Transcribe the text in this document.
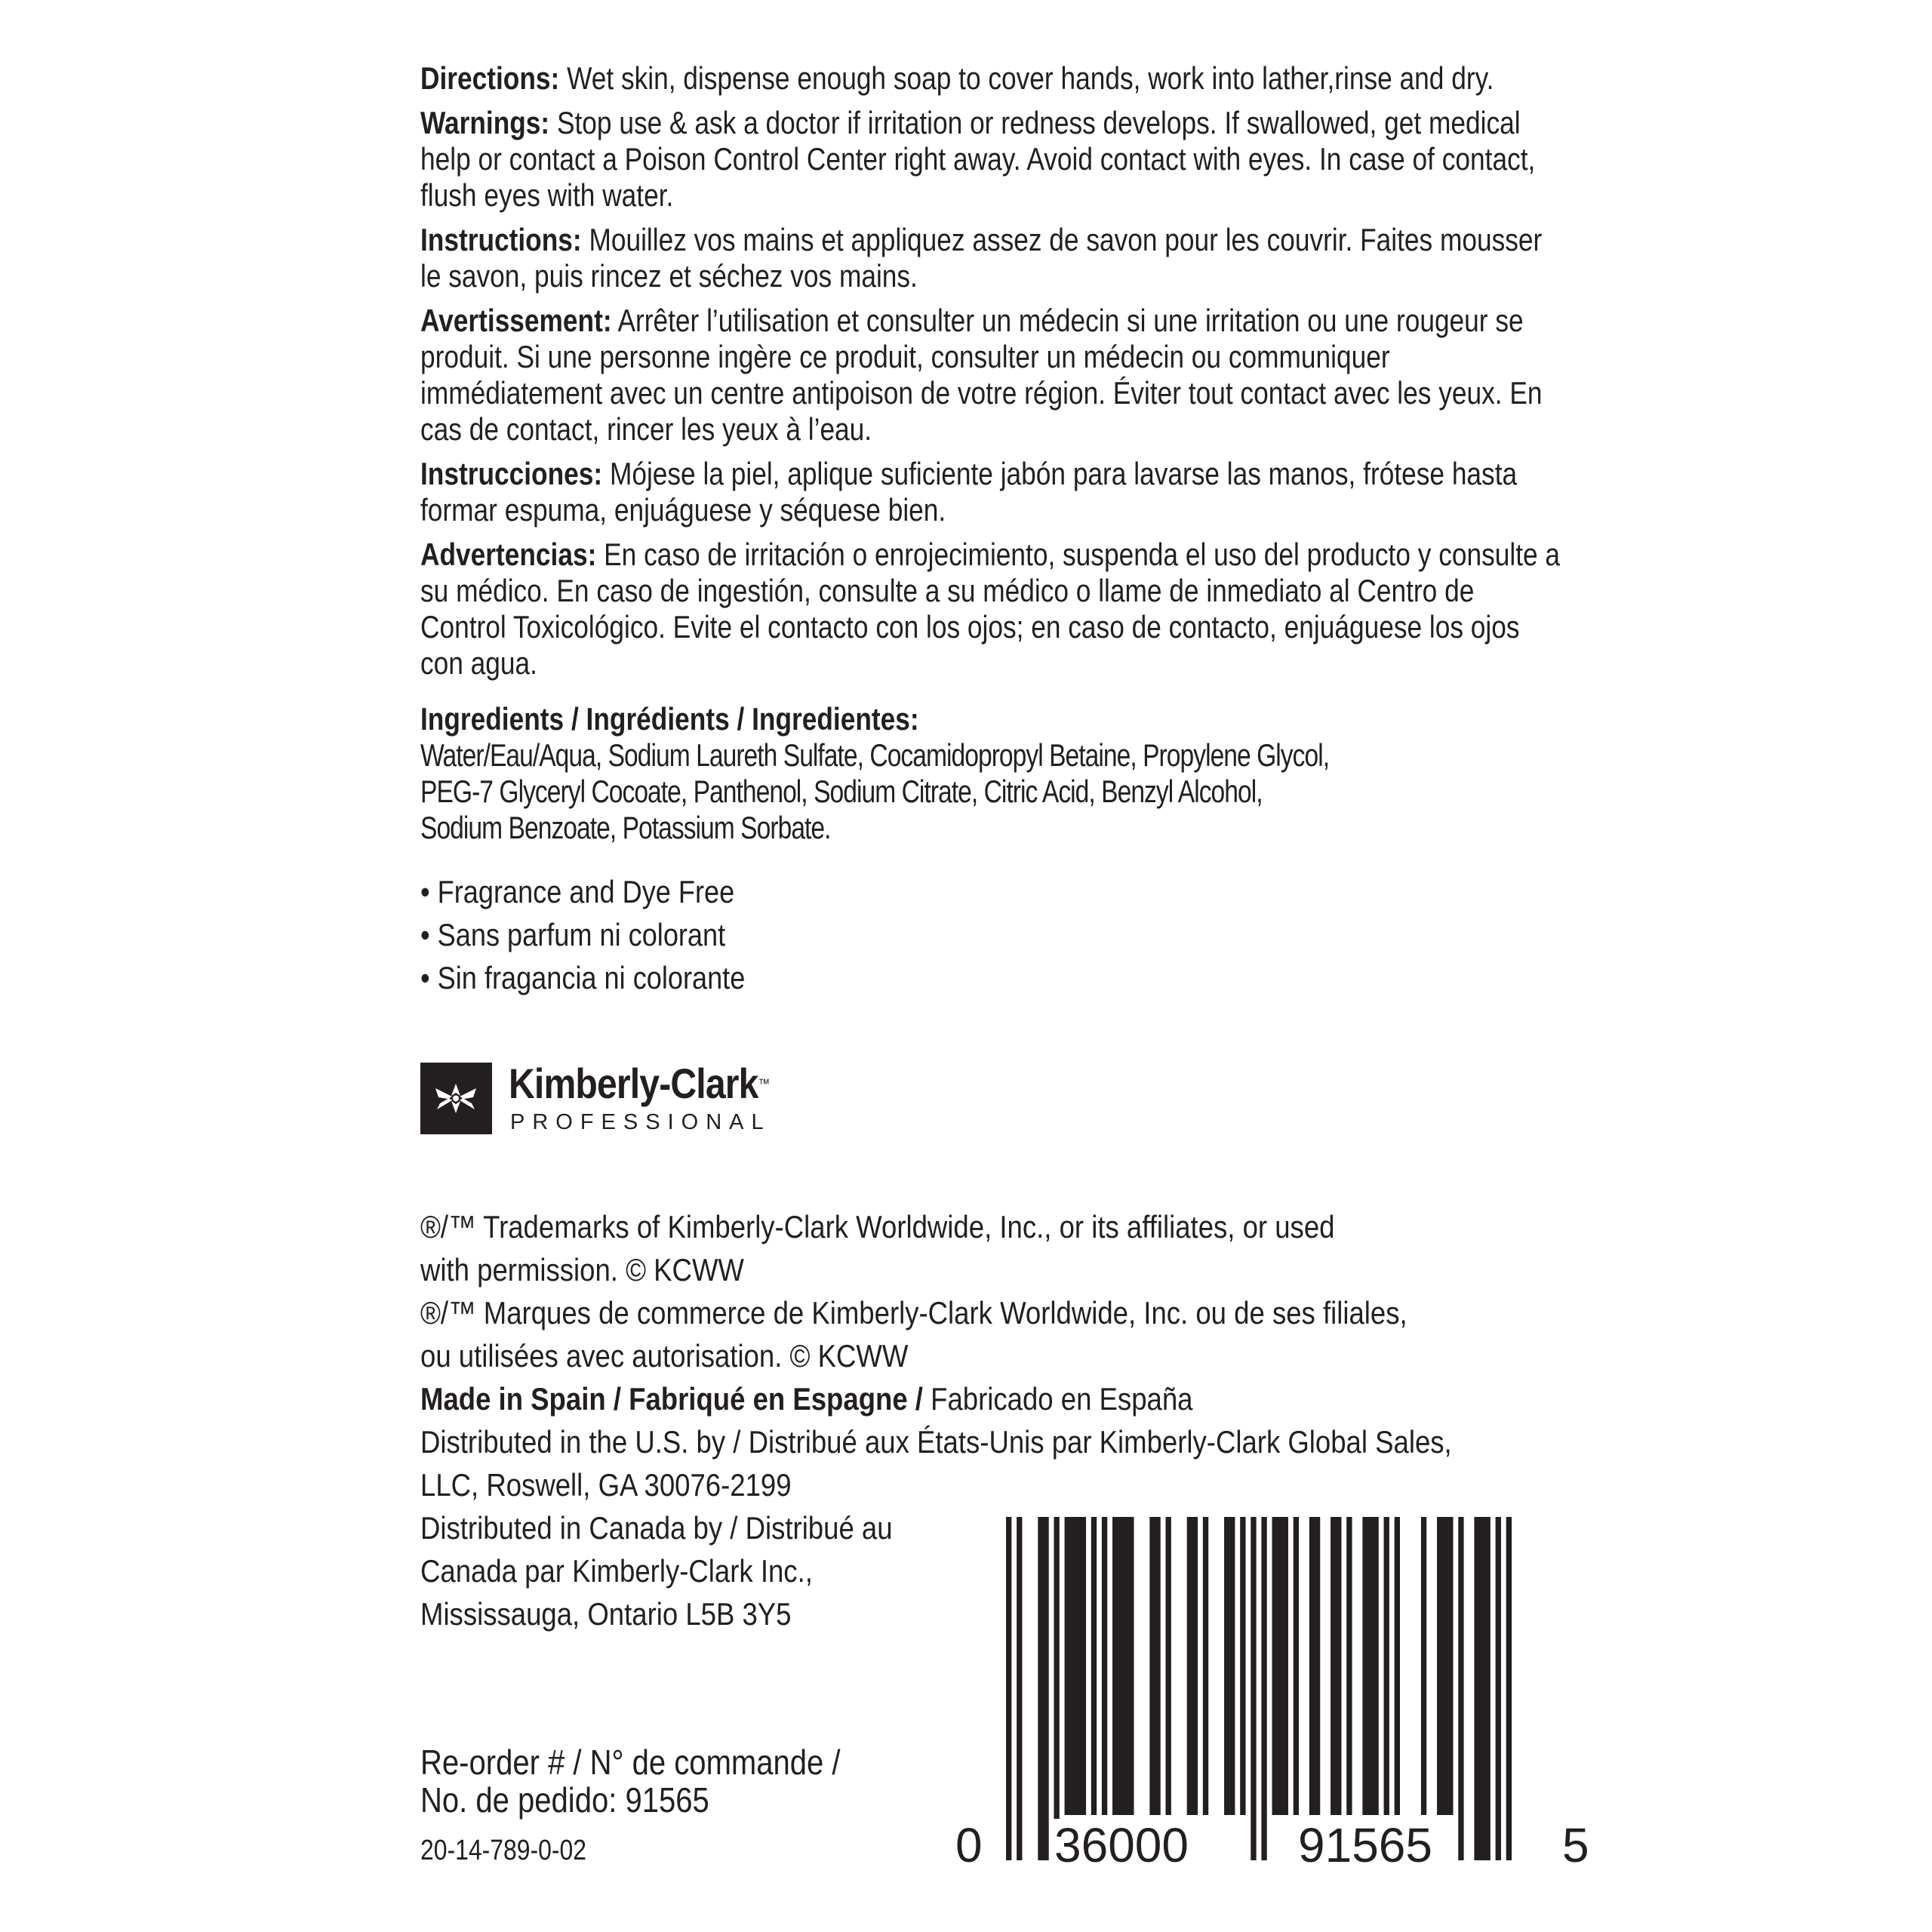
Directions: Wet skin, dispense enough soap to cover hands, work into lather,rinse and dry.
Warnings: Stop use & ask a doctor if irritation or redness develops. If swallowed, get medical help or contact a Poison Control Center right away. Avoid contact with eyes. In case of contact, flush eyes with water.
Instructions: Mouillez vos mains et appliquez assez de savon pour les couvrir. Faites mousser le savon, puis rincez et séchez vos mains.
Avertissement: Arrêter l’utilisation et consulter un médecin si une irritation ou une rougeur se produit. Si une personne ingère ce produit, consulter un médecin ou communiquer immédiatement avec un centre antipoison de votre région. Éviter tout contact avec les yeux. En cas de contact, rincer les yeux à l’eau.
Instrucciones: Mójese la piel, aplique suficiente jabón para lavarse las manos, frótese hasta formar espuma, enjuáguese y séquese bien.
Advertencias: En caso de irritación o enrojecimiento, suspenda el uso del producto y consulte a su médico. En caso de ingestión, consulte a su médico o llame de inmediato al Centro de Control Toxicológico. Evite el contacto con los ojos; en caso de contacto, enjuáguese los ojos con agua.
Ingredients / Ingrédients / Ingredientes:
Water/Eau/Aqua, Sodium Laureth Sulfate, Cocamidopropyl Betaine, Propylene Glycol,
PEG-7 Glyceryl Cocoate, Panthenol, Sodium Citrate, Citric Acid, Benzyl Alcohol,
Sodium Benzoate, Potassium Sorbate.
• Fragrance and Dye Free
• Sans parfum ni colorant
• Sin fragancia ni colorante
Kimberly-Clark™
PROFESSIONAL
®/™ Trademarks of Kimberly-Clark Worldwide, Inc., or its affiliates, or used
with permission. © KCWW
®/™ Marques de commerce de Kimberly-Clark Worldwide, Inc. ou de ses filiales,
ou utilisées avec autorisation. © KCWW
Made in Spain / Fabriqué en Espagne / Fabricado en España
Distributed in the U.S. by / Distribué aux États-Unis par Kimberly-Clark Global Sales,
LLC, Roswell, GA 30076-2199
Distributed in Canada by / Distribué au
Canada par Kimberly-Clark Inc.,
Mississauga, Ontario L5B 3Y5
Re-order # / N° de commande /
No. de pedido: 91565
20-14-789-0-02	0 36000 91565	5
